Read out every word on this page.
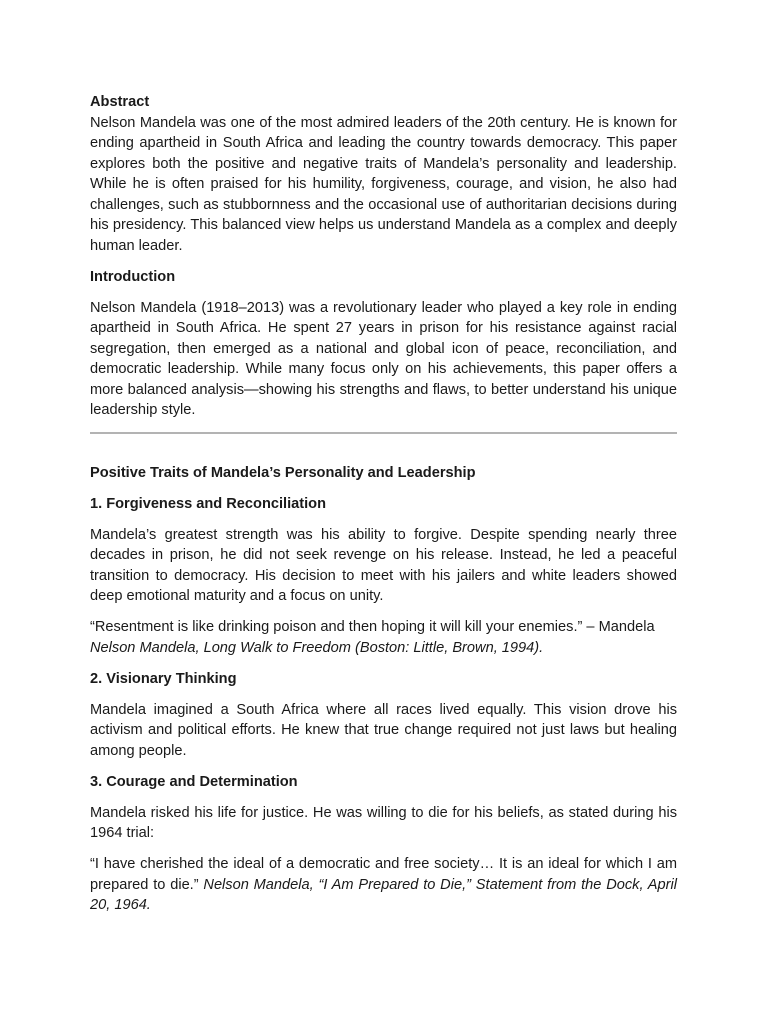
Abstract

Nelson Mandela was one of the most admired leaders of the 20th century. He is known for ending apartheid in South Africa and leading the country towards democracy. This paper explores both the positive and negative traits of Mandela’s personality and leadership. While he is often praised for his humility, forgiveness, courage, and vision, he also had challenges, such as stubbornness and the occasional use of authoritarian decisions during his presidency. This balanced view helps us understand Mandela as a complex and deeply human leader.

Introduction

Nelson Mandela (1918–2013) was a revolutionary leader who played a key role in ending apartheid in South Africa. He spent 27 years in prison for his resistance against racial segregation, then emerged as a national and global icon of peace, reconciliation, and democratic leadership. While many focus only on his achievements, this paper offers a more balanced analysis—showing his strengths and flaws, to better understand his unique leadership style.

Positive Traits of Mandela’s Personality and Leadership

1. Forgiveness and Reconciliation

Mandela’s greatest strength was his ability to forgive. Despite spending nearly three decades in prison, he did not seek revenge on his release. Instead, he led a peaceful transition to democracy. His decision to meet with his jailers and white leaders showed deep emotional maturity and a focus on unity.

“Resentment is like drinking poison and then hoping it will kill your enemies.” – Mandela
Nelson Mandela, Long Walk to Freedom (Boston: Little, Brown, 1994).

2. Visionary Thinking

Mandela imagined a South Africa where all races lived equally. This vision drove his activism and political efforts. He knew that true change required not just laws but healing among people.

3. Courage and Determination

Mandela risked his life for justice. He was willing to die for his beliefs, as stated during his 1964 trial:

“I have cherished the ideal of a democratic and free society… It is an ideal for which I am prepared to die.” Nelson Mandela, “I Am Prepared to Die,” Statement from the Dock, April 20, 1964.
